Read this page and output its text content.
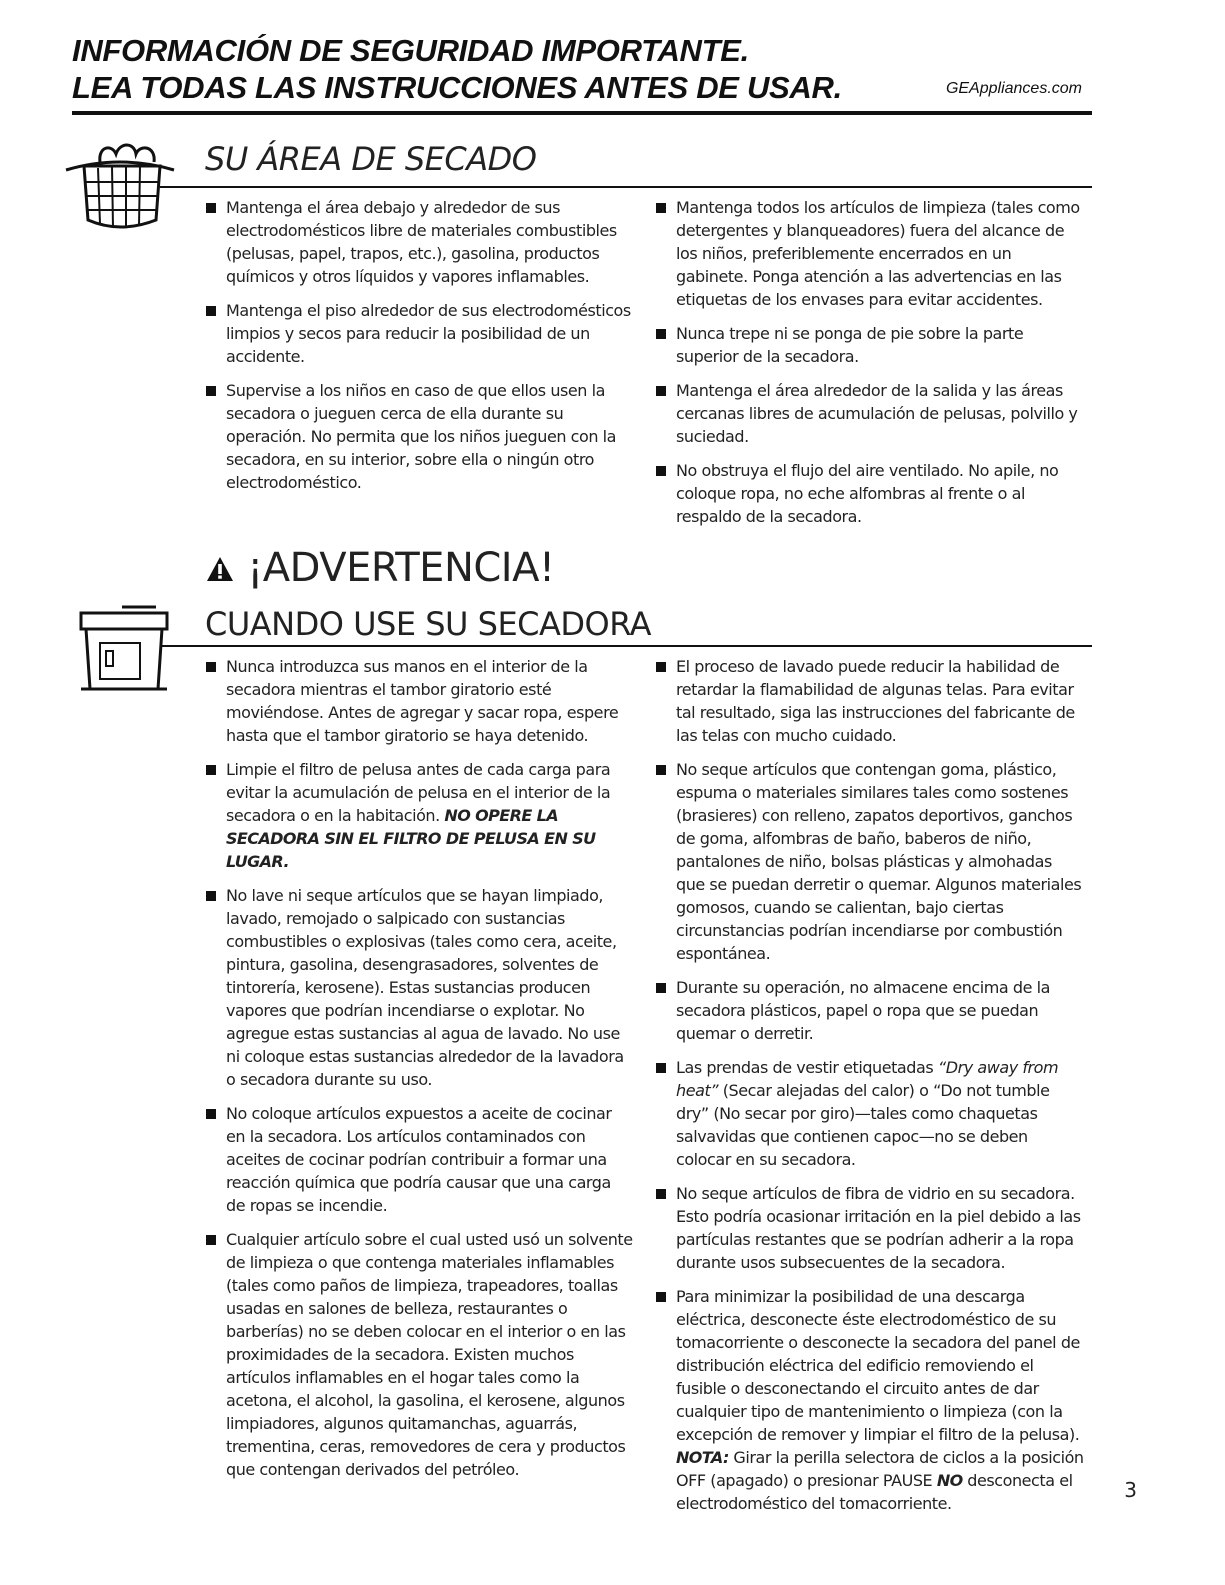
INFORMACIÓN DE SEGURIDAD IMPORTANTE.
LEA TODAS LAS INSTRUCCIONES ANTES DE USAR.	GEAppliances.com
SU ÁREA DE SECADO
Mantenga el área debajo y alrededor de sus electrodomésticos libre de materiales combustibles (pelusas, papel, trapos, etc.), gasolina, productos químicos y otros líquidos y vapores inflamables.
Mantenga el piso alrededor de sus electrodomésticos limpios y secos para reducir la posibilidad de un accidente.
Supervise a los niños en caso de que ellos usen la secadora o jueguen cerca de ella durante su operación. No permita que los niños jueguen con la secadora, en su interior, sobre ella o ningún otro electrodoméstico.
Mantenga todos los artículos de limpieza (tales como detergentes y blanqueadores) fuera del alcance de los niños, preferiblemente encerrados en un gabinete. Ponga atención a las advertencias en las etiquetas de los envases para evitar accidentes.
Nunca trepe ni se ponga de pie sobre la parte superior de la secadora.
Mantenga el área alrededor de la salida y las áreas cercanas libres de acumulación de pelusas, polvillo y suciedad.
No obstruya el flujo del aire ventilado. No apile, no coloque ropa, no eche alfombras al frente o al respaldo de la secadora.
¡ADVERTENCIA!
CUANDO USE SU SECADORA
Nunca introduzca sus manos en el interior de la secadora mientras el tambor giratorio esté moviéndose. Antes de agregar y sacar ropa, espere hasta que el tambor giratorio se haya detenido.
Limpie el filtro de pelusa antes de cada carga para evitar la acumulación de pelusa en el interior de la secadora o en la habitación. NO OPERE LA SECADORA SIN EL FILTRO DE PELUSA EN SU LUGAR.
No lave ni seque artículos que se hayan limpiado, lavado, remojado o salpicado con sustancias combustibles o explosivas (tales como cera, aceite, pintura, gasolina, desengrasadores, solventes de tintorería, kerosene). Estas sustancias producen vapores que podrían incendiarse o explotar. No agregue estas sustancias al agua de lavado. No use ni coloque estas sustancias alrededor de la lavadora o secadora durante su uso.
No coloque artículos expuestos a aceite de cocinar en la secadora. Los artículos contaminados con aceites de cocinar podrían contribuir a formar una reacción química que podría causar que una carga de ropas se incendie.
Cualquier artículo sobre el cual usted usó un solvente de limpieza o que contenga materiales inflamables (tales como paños de limpieza, trapeadores, toallas usadas en salones de belleza, restaurantes o barberías) no se deben colocar en el interior o en las proximidades de la secadora. Existen muchos artículos inflamables en el hogar tales como la acetona, el alcohol, la gasolina, el kerosene, algunos limpiadores, algunos quitamanchas, aguarrás, trementina, ceras, removedores de cera y productos que contengan derivados del petróleo.
El proceso de lavado puede reducir la habilidad de retardar la flamabilidad de algunas telas. Para evitar tal resultado, siga las instrucciones del fabricante de las telas con mucho cuidado.
No seque artículos que contengan goma, plástico, espuma o materiales similares tales como sostenes (brasieres) con relleno, zapatos deportivos, ganchos de goma, alfombras de baño, baberos de niño, pantalones de niño, bolsas plásticas y almohadas que se puedan derretir o quemar. Algunos materiales gomosos, cuando se calientan, bajo ciertas circunstancias podrían incendiarse por combustión espontánea.
Durante su operación, no almacene encima de la secadora plásticos, papel o ropa que se puedan quemar o derretir.
Las prendas de vestir etiquetadas “Dry away from heat” (Secar alejadas del calor) o “Do not tumble dry” (No secar por giro)—tales como chaquetas salvavidas que contienen capoc—no se deben colocar en su secadora.
No seque artículos de fibra de vidrio en su secadora. Esto podría ocasionar irritación en la piel debido a las partículas restantes que se podrían adherir a la ropa durante usos subsecuentes de la secadora.
Para minimizar la posibilidad de una descarga eléctrica, desconecte éste electrodoméstico de su tomacorriente o desconecte la secadora del panel de distribución eléctrica del edificio removiendo el fusible o desconectando el circuito antes de dar cualquier tipo de mantenimiento o limpieza (con la excepción de remover y limpiar el filtro de la pelusa). NOTA: Girar la perilla selectora de ciclos a la posición OFF (apagado) o presionar PAUSE NO desconecta el electrodoméstico del tomacorriente.
3
